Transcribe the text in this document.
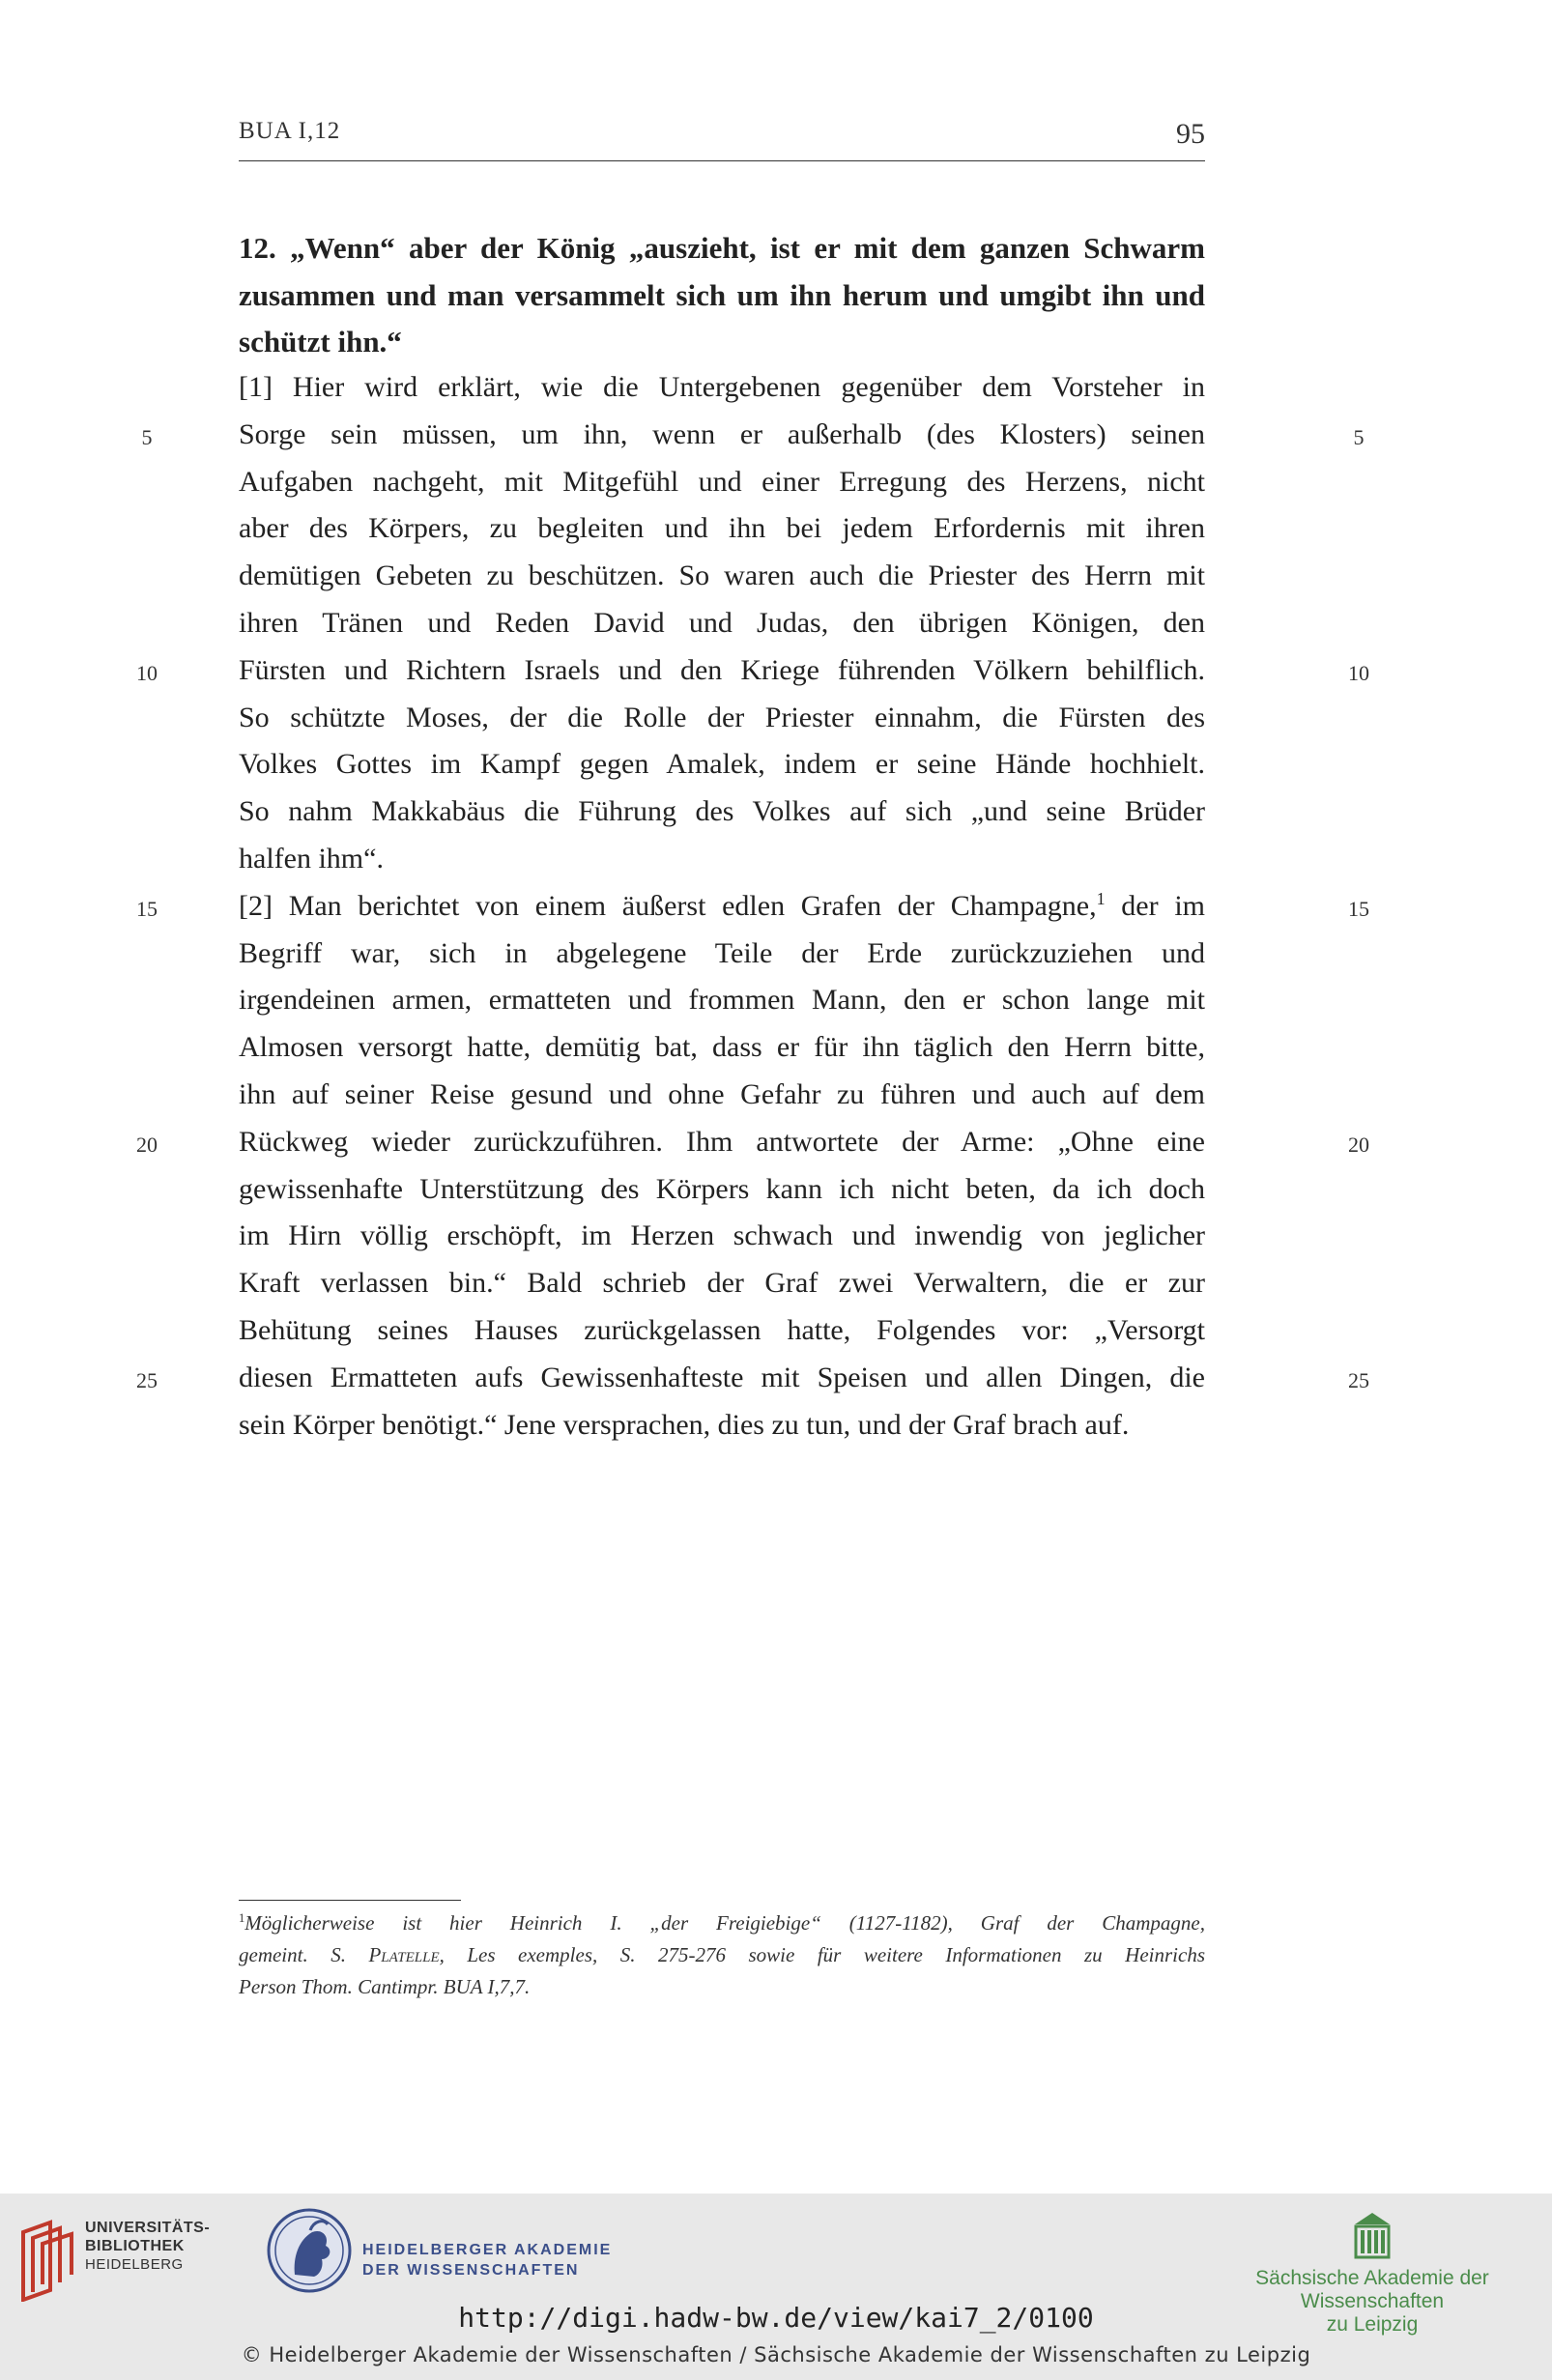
BUA I,12	95
12. „Wenn“ aber der König „auszieht, ist er mit dem ganzen Schwarm zusammen und man versammelt sich um ihn herum und umgibt ihn und schützt ihn.“
[1] Hier wird erklärt, wie die Untergebenen gegenüber dem Vorsteher in
Sorge sein müssen, um ihn, wenn er außerhalb (des Klosters) seinen
Aufgaben nachgeht, mit Mitgefühl und einer Erregung des Herzens, nicht
aber des Körpers, zu begleiten und ihn bei jedem Erfordernis mit ihren
demütigen Gebeten zu beschützen. So waren auch die Priester des Herrn mit
ihren Tränen und Reden David und Judas, den übrigen Königen, den
Fürsten und Richtern Israels und den Kriege führenden Völkern behilflich.
So schützte Moses, der die Rolle der Priester einnahm, die Fürsten des
Volkes Gottes im Kampf gegen Amalek, indem er seine Hände hochhielt.
So nahm Makkabäus die Führung des Volkes auf sich „und seine Brüder
halfen ihm“.
[2] Man berichtet von einem äußerst edlen Grafen der Champagne,$^1$ der im
Begriff war, sich in abgelegene Teile der Erde zurückzuziehen und
irgendeinen armen, ermatteten und frommen Mann, den er schon lange mit
Almosen versorgt hatte, demütig bat, dass er für ihn täglich den Herrn bitte,
ihn auf seiner Reise gesund und ohne Gefahr zu führen und auch auf dem
Rückweg wieder zurückzuführen. Ihm antwortete der Arme: „Ohne eine
gewissenhafte Unterstützung des Körpers kann ich nicht beten, da ich doch
im Hirn völlig erschöpft, im Herzen schwach und inwendig von jeglicher
Kraft verlassen bin.“ Bald schrieb der Graf zwei Verwaltern, die er zur
Behütung seines Hauses zurückgelassen hatte, Folgendes vor: „Versorgt
diesen Ermatteten aufs Gewissenhafteste mit Speisen und allen Dingen, die
sein Körper benötigt.“ Jene versprachen, dies zu tun, und der Graf brach auf.
5
10
15
20
25
5
10
15
20
25
$^1$Möglicherweise ist hier Heinrich I. „der Freigiebige“ (1127-1182), Graf der Champagne,
gemeint. S. Platelle, Les exemples, S. 275-276 sowie für weitere Informationen zu Heinrichs
Person Thom. Cantimpr. BUA I,7,7.
UNIVERSITÄTS-
BIBLIOTHEK
HEIDELBERG
HEIDELBERGER AKADEMIE
DER WISSENSCHAFTEN	Sächsische Akademie der Wissenschaften
zu Leipzig
http://digi.hadw-bw.de/view/kai7_2/0100
© Heidelberger Akademie der Wissenschaften / Sächsische Akademie der Wissenschaften zu Leipzig
